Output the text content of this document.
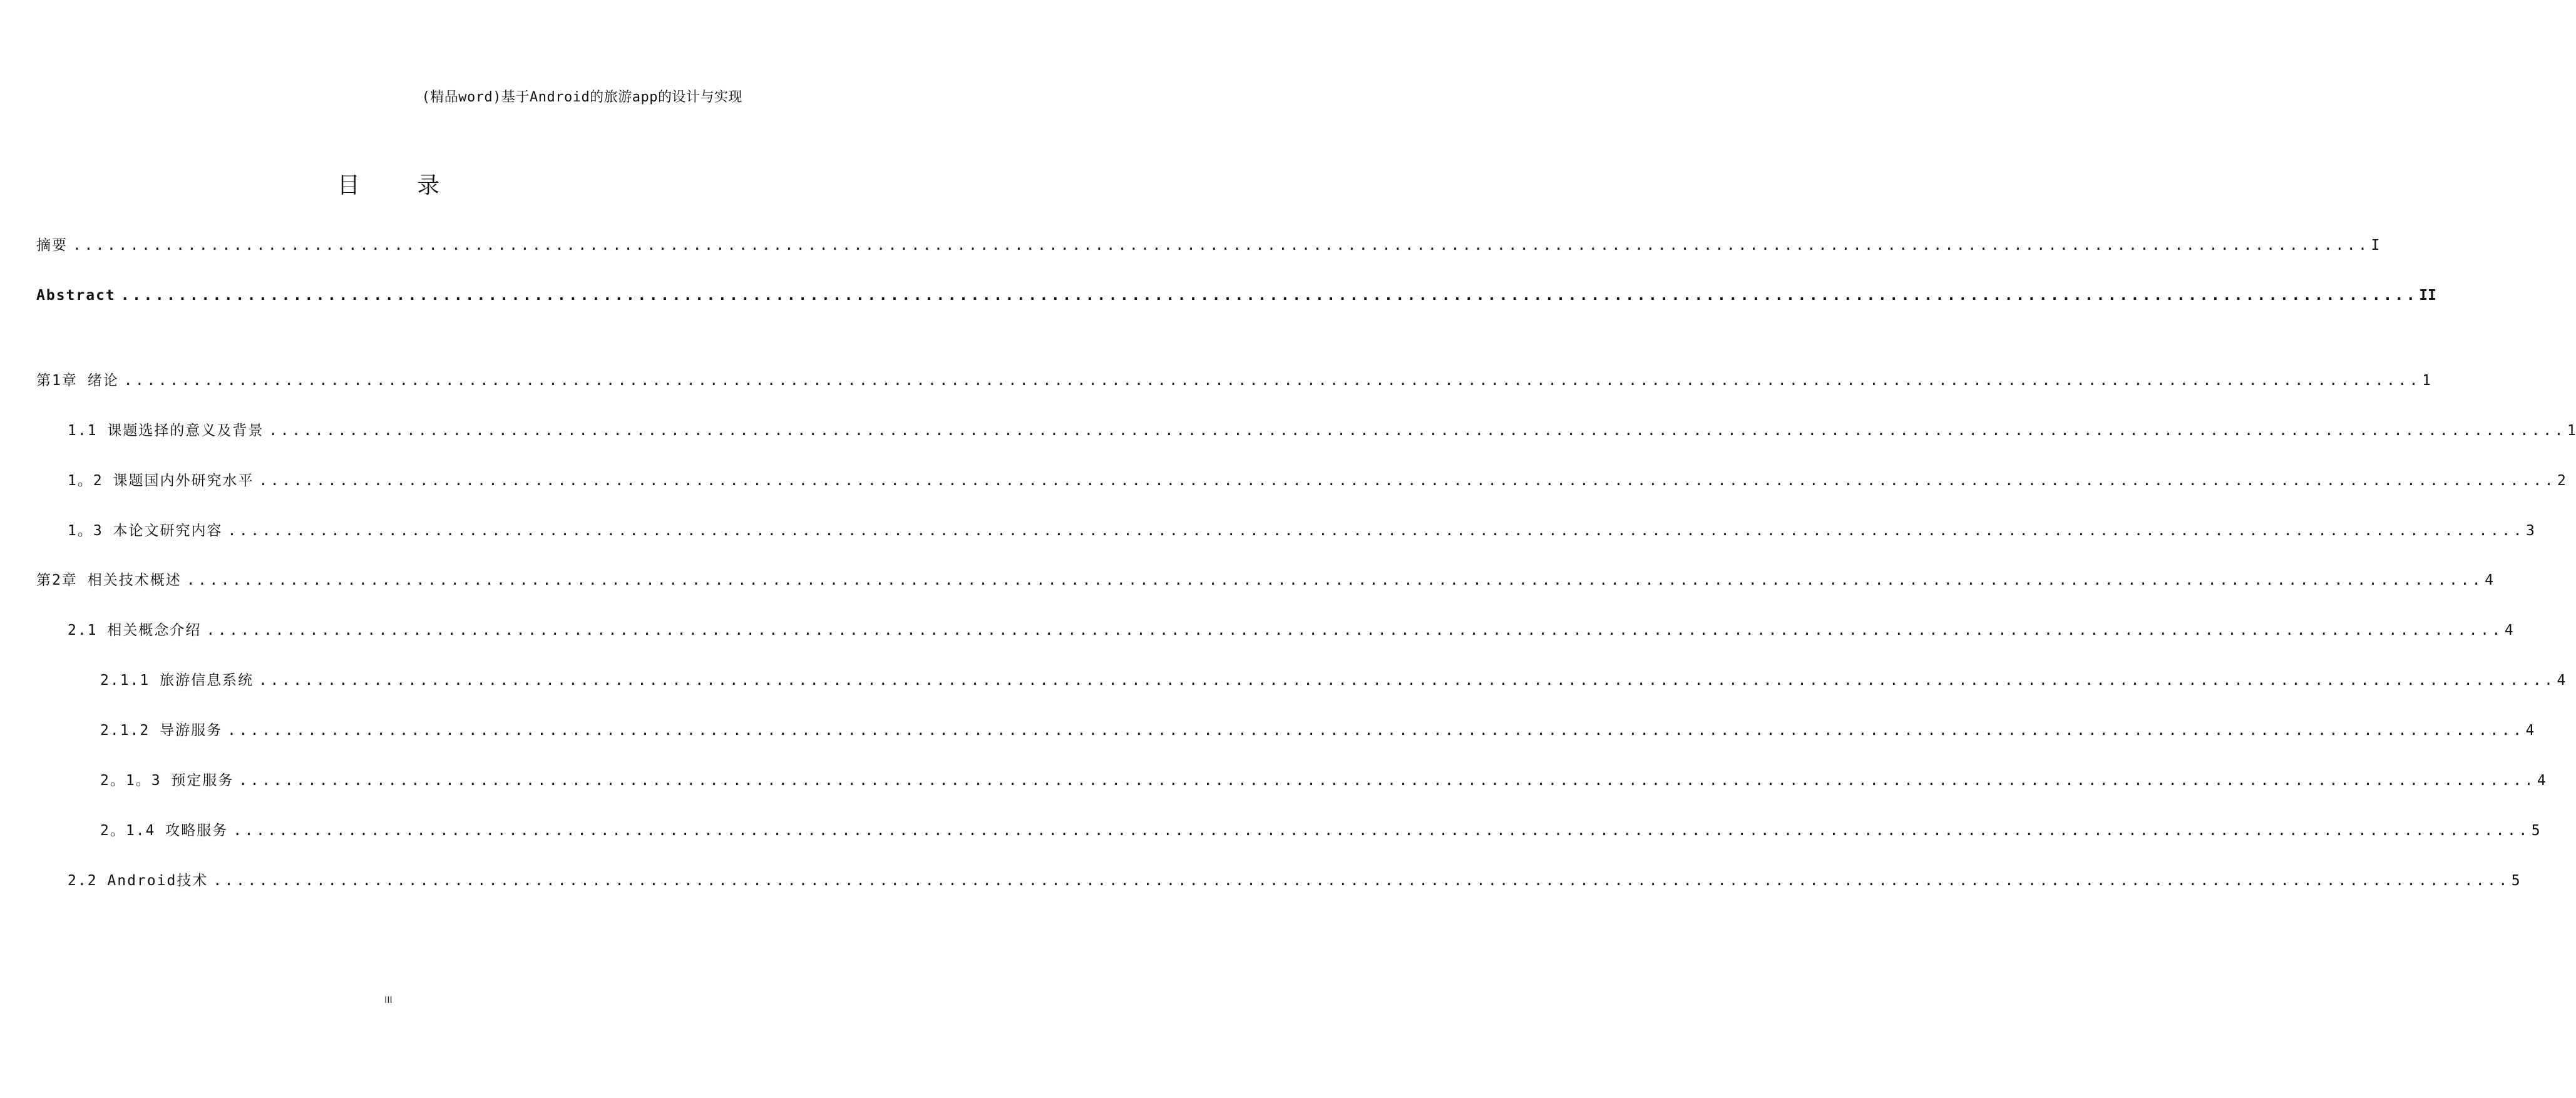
(精品word)基于Android的旅游app的设计与实现
目 录
摘要 ........................................................................................................................................................................................................ I
Abstract ........................................................................................................................................................................................................ II
第1章 绪论 ........................................................................................................................................................................................................ 1
1.1 课题选择的意义及背景 ........................................................................................................................................................................................................ 1
1。2 课题国内外研究水平 ........................................................................................................................................................................................................ 2
1。3 本论文研究内容 ........................................................................................................................................................................................................ 3
第2章 相关技术概述 ........................................................................................................................................................................................................ 4
2.1 相关概念介绍 ........................................................................................................................................................................................................ 4
2.1.1 旅游信息系统 ........................................................................................................................................................................................................ 4
2.1.2 导游服务 ........................................................................................................................................................................................................ 4
2。1。3 预定服务 ........................................................................................................................................................................................................ 4
2。1.4 攻略服务 ........................................................................................................................................................................................................ 5
2.2 Android技术 ........................................................................................................................................................................................................ 5
III
